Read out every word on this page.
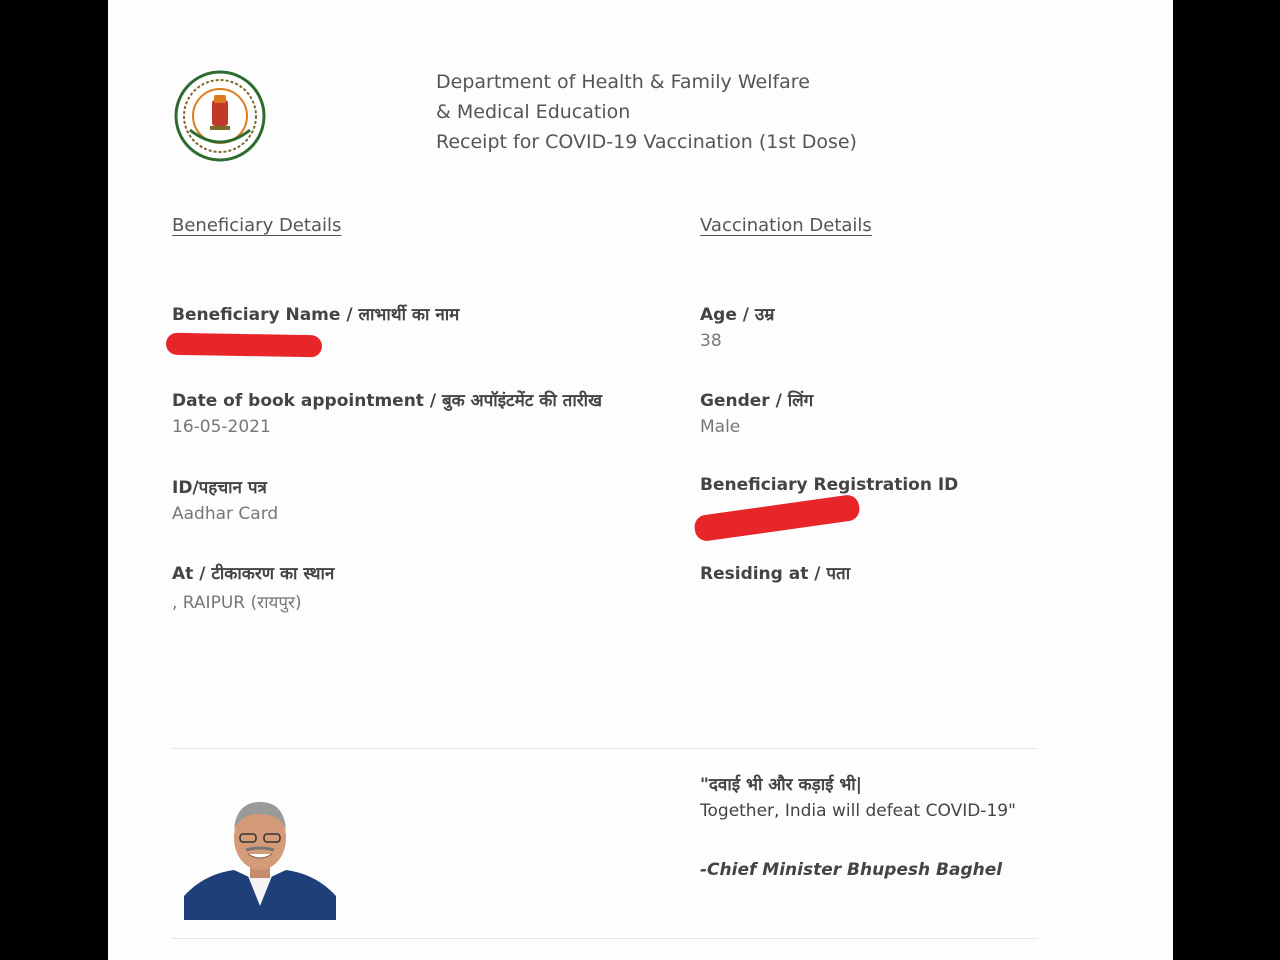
Department of Health & Family Welfare
& Medical Education
Receipt for COVID-19 Vaccination (1st Dose)
Beneficiary Details	Vaccination Details
Beneficiary Name / लाभार्थी का नाम	Age / उम्र
38
Date of book appointment / बुक अपॉइंटमेंट की तारीख
16-05-2021
Gender / लिंग
Male
ID/पहचान पत्र
Aadhar Card
Beneficiary Registration ID
At / टीकाकरण का स्थान
, RAIPUR (रायपुर)
Residing at / पता
"दवाई भी और कड़ाई भी|
Together, India will defeat COVID-19"
-Chief Minister Bhupesh Baghel
